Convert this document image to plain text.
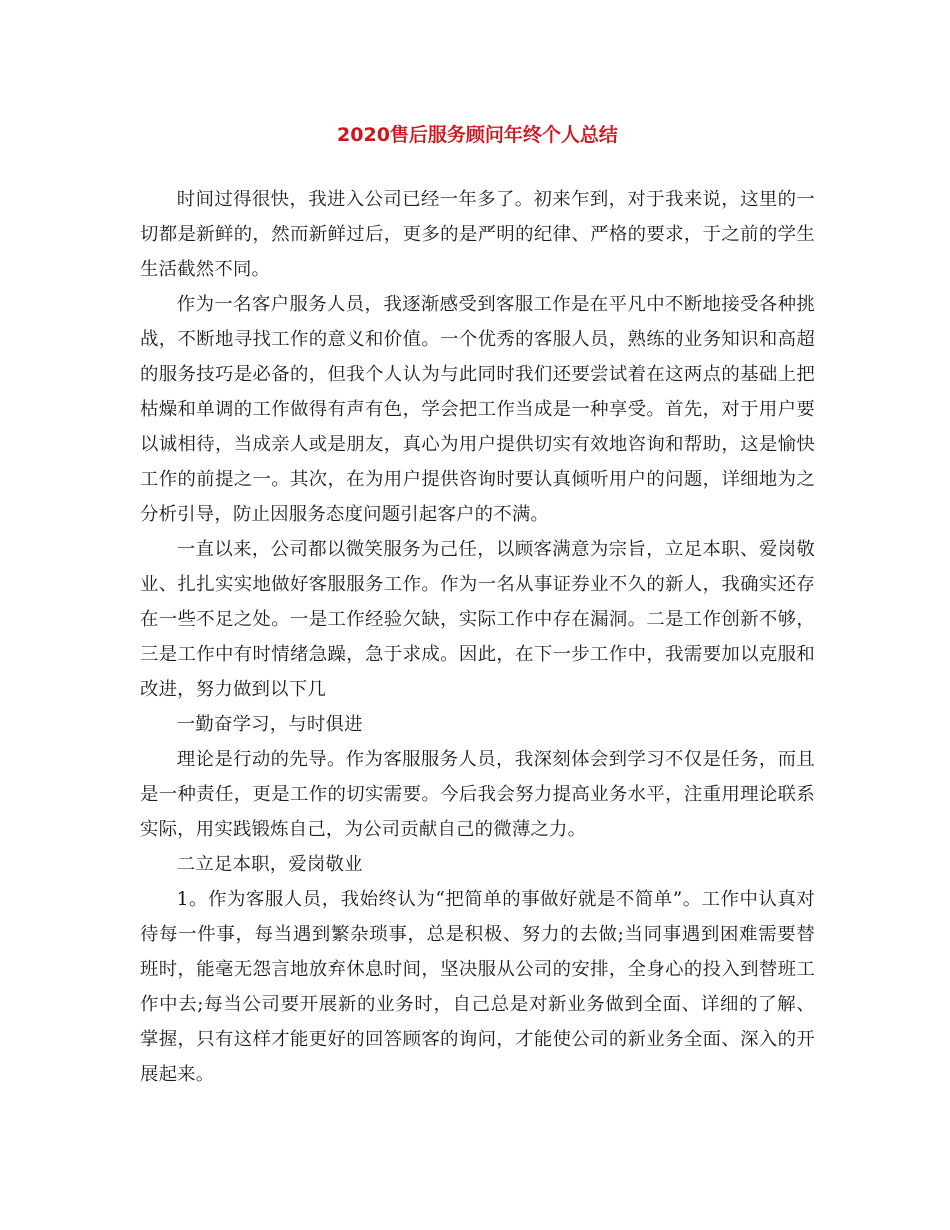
2020售后服务顾问年终个人总结

时间过得很快，我进入公司已经一年多了。初来乍到，对于我来说，这里的一切都是新鲜的，然而新鲜过后，更多的是严明的纪律、严格的要求，于之前的学生生活截然不同。

作为一名客户服务人员，我逐渐感受到客服工作是在平凡中不断地接受各种挑战，不断地寻找工作的意义和价值。一个优秀的客服人员，熟练的业务知识和高超的服务技巧是必备的，但我个人认为与此同时我们还要尝试着在这两点的基础上把枯燥和单调的工作做得有声有色，学会把工作当成是一种享受。首先，对于用户要以诚相待，当成亲人或是朋友，真心为用户提供切实有效地咨询和帮助，这是愉快工作的前提之一。其次，在为用户提供咨询时要认真倾听用户的问题，详细地为之分析引导，防止因服务态度问题引起客户的不满。

一直以来，公司都以微笑服务为己任，以顾客满意为宗旨，立足本职、爱岗敬业、扎扎实实地做好客服服务工作。作为一名从事证券业不久的新人，我确实还存在一些不足之处。一是工作经验欠缺，实际工作中存在漏洞。二是工作创新不够，三是工作中有时情绪急躁，急于求成。因此，在下一步工作中，我需要加以克服和改进，努力做到以下几

一勤奋学习，与时俱进

理论是行动的先导。作为客服服务人员，我深刻体会到学习不仅是任务，而且是一种责任，更是工作的切实需要。今后我会努力提高业务水平，注重用理论联系实际，用实践锻炼自己，为公司贡献自己的微薄之力。

二立足本职，爱岗敬业

1。作为客服人员，我始终认为“把简单的事做好就是不简单”。工作中认真对待每一件事，每当遇到繁杂琐事，总是积极、努力的去做;当同事遇到困难需要替班时，能毫无怨言地放弃休息时间，坚决服从公司的安排，全身心的投入到替班工作中去;每当公司要开展新的业务时，自己总是对新业务做到全面、详细的了解、掌握，只有这样才能更好的回答顾客的询问，才能使公司的新业务全面、深入的开展起来。
